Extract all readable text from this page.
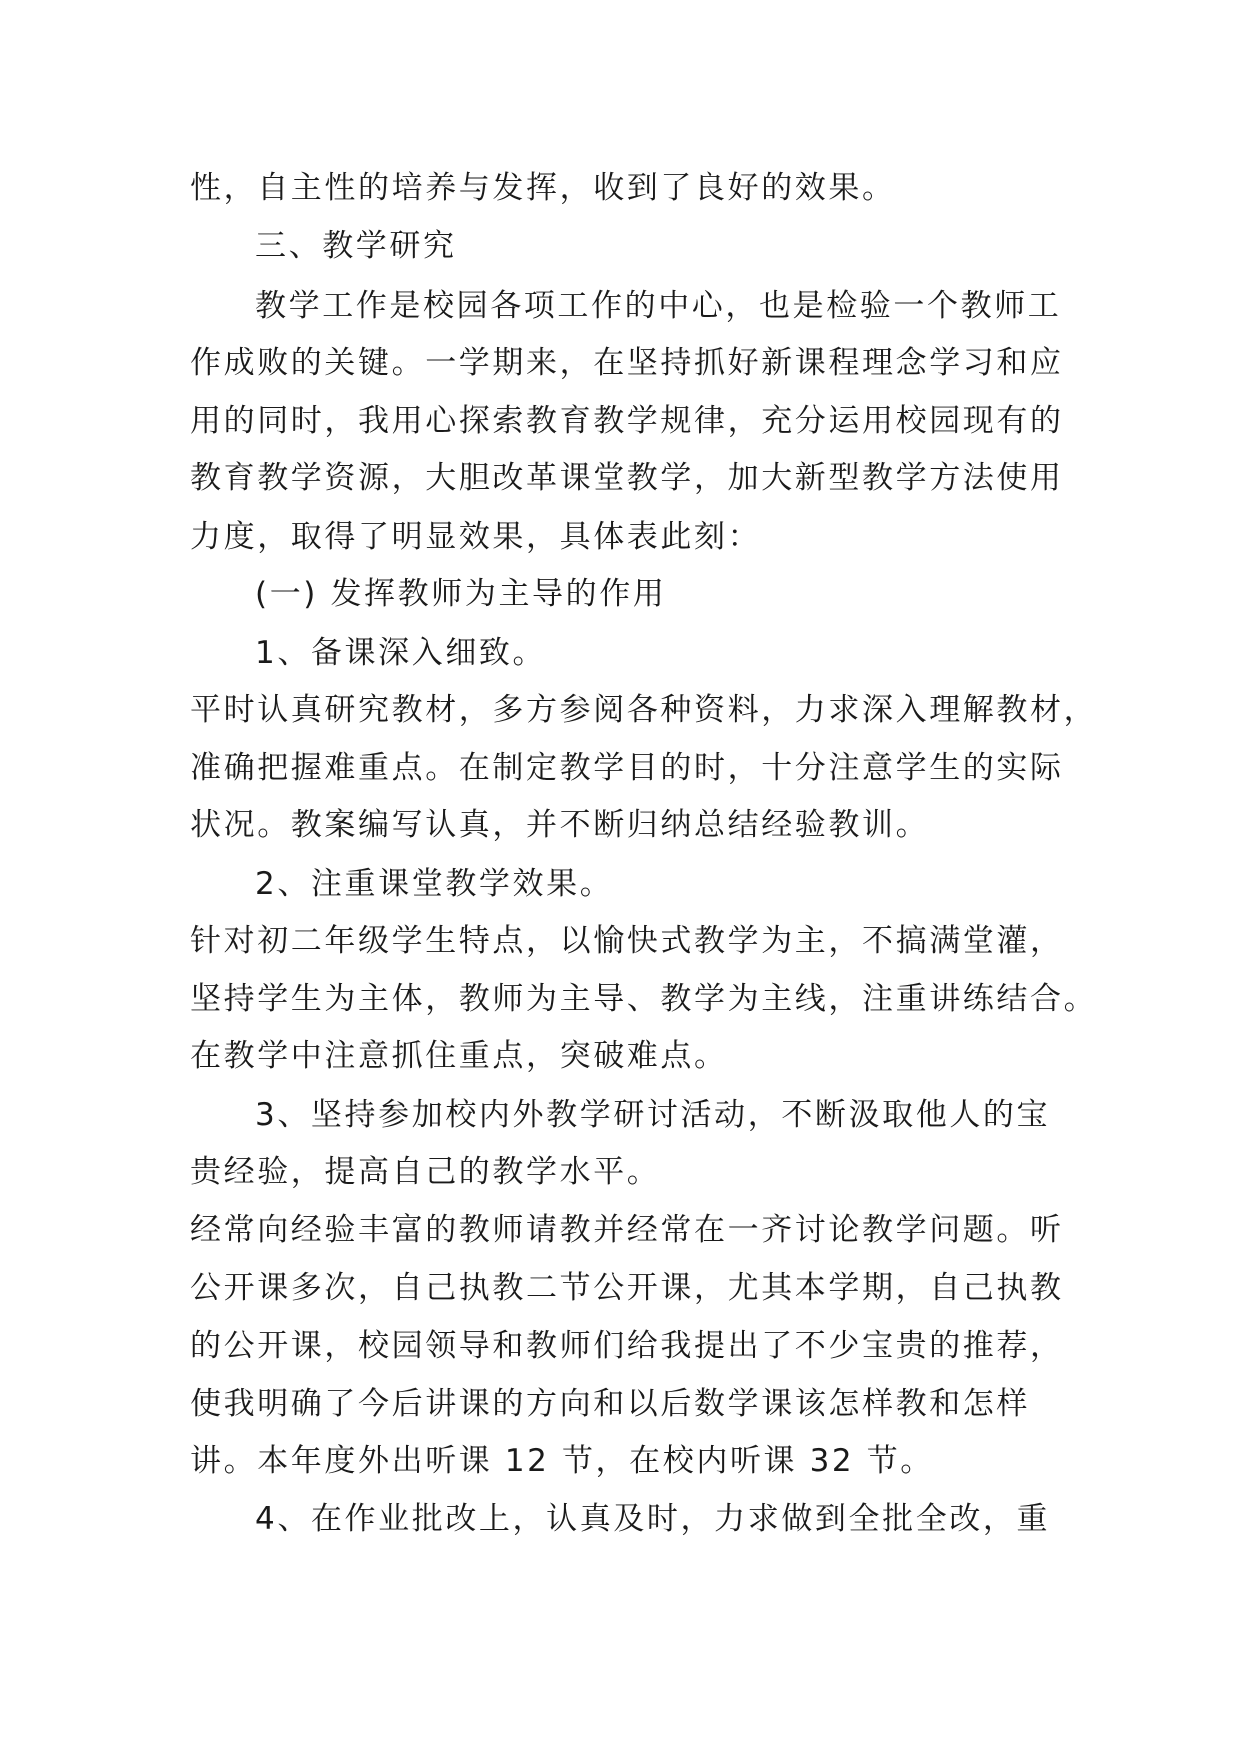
性，自主性的培养与发挥，收到了良好的效果。
三、教学研究
教学工作是校园各项工作的中心，也是检验一个教师工
作成败的关键。一学期来，在坚持抓好新课程理念学习和应
用的同时，我用心探索教育教学规律，充分运用校园现有的
教育教学资源，大胆改革课堂教学，加大新型教学方法使用
力度，取得了明显效果，具体表此刻：
(一) 发挥教师为主导的作用
1、备课深入细致。
平时认真研究教材，多方参阅各种资料，力求深入理解教材，
准确把握难重点。在制定教学目的时，十分注意学生的实际
状况。教案编写认真，并不断归纳总结经验教训。
2、注重课堂教学效果。
针对初二年级学生特点，以愉快式教学为主，不搞满堂灌，
坚持学生为主体，教师为主导、教学为主线，注重讲练结合。
在教学中注意抓住重点，突破难点。
3、坚持参加校内外教学研讨活动，不断汲取他人的宝
贵经验，提高自己的教学水平。
经常向经验丰富的教师请教并经常在一齐讨论教学问题。听
公开课多次，自己执教二节公开课，尤其本学期，自己执教
的公开课，校园领导和教师们给我提出了不少宝贵的推荐，
使我明确了今后讲课的方向和以后数学课该怎样教和怎样
讲。本年度外出听课 12 节，在校内听课 32 节。
4、在作业批改上，认真及时，力求做到全批全改，重
